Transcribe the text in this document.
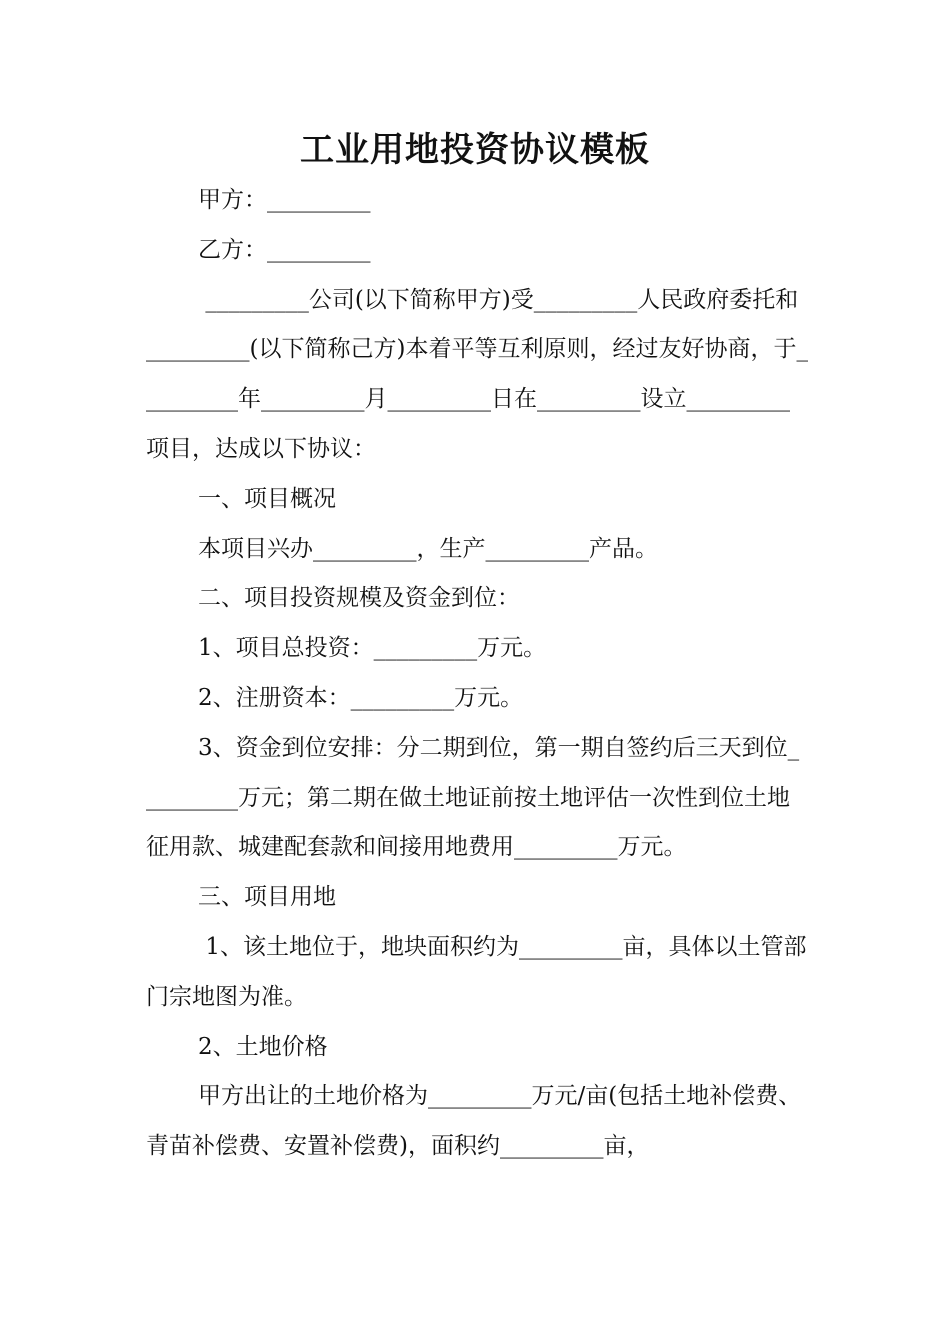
工业用地投资协议模板

甲方：_________

乙方：_________

_________公司(以下简称甲方)受_________人民政府委托和_________(以下简称己方)本着平等互利原则，经过友好协商，于_________年_________月_________日在_________设立_________项目，达成以下协议：

一、项目概况

本项目兴办_________，生产_________产品。

二、项目投资规模及资金到位：

1、项目总投资：_________万元。

2、注册资本：_________万元。

3、资金到位安排：分二期到位，第一期自签约后三天到位_________万元；第二期在做土地证前按土地评估一次性到位土地征用款、城建配套款和间接用地费用_________万元。

三、项目用地

1、该土地位于，地块面积约为_________亩，具体以土管部门宗地图为准。

2、土地价格

甲方出让的土地价格为_________万元/亩(包括土地补偿费、青苗补偿费、安置补偿费)，面积约_________亩，
